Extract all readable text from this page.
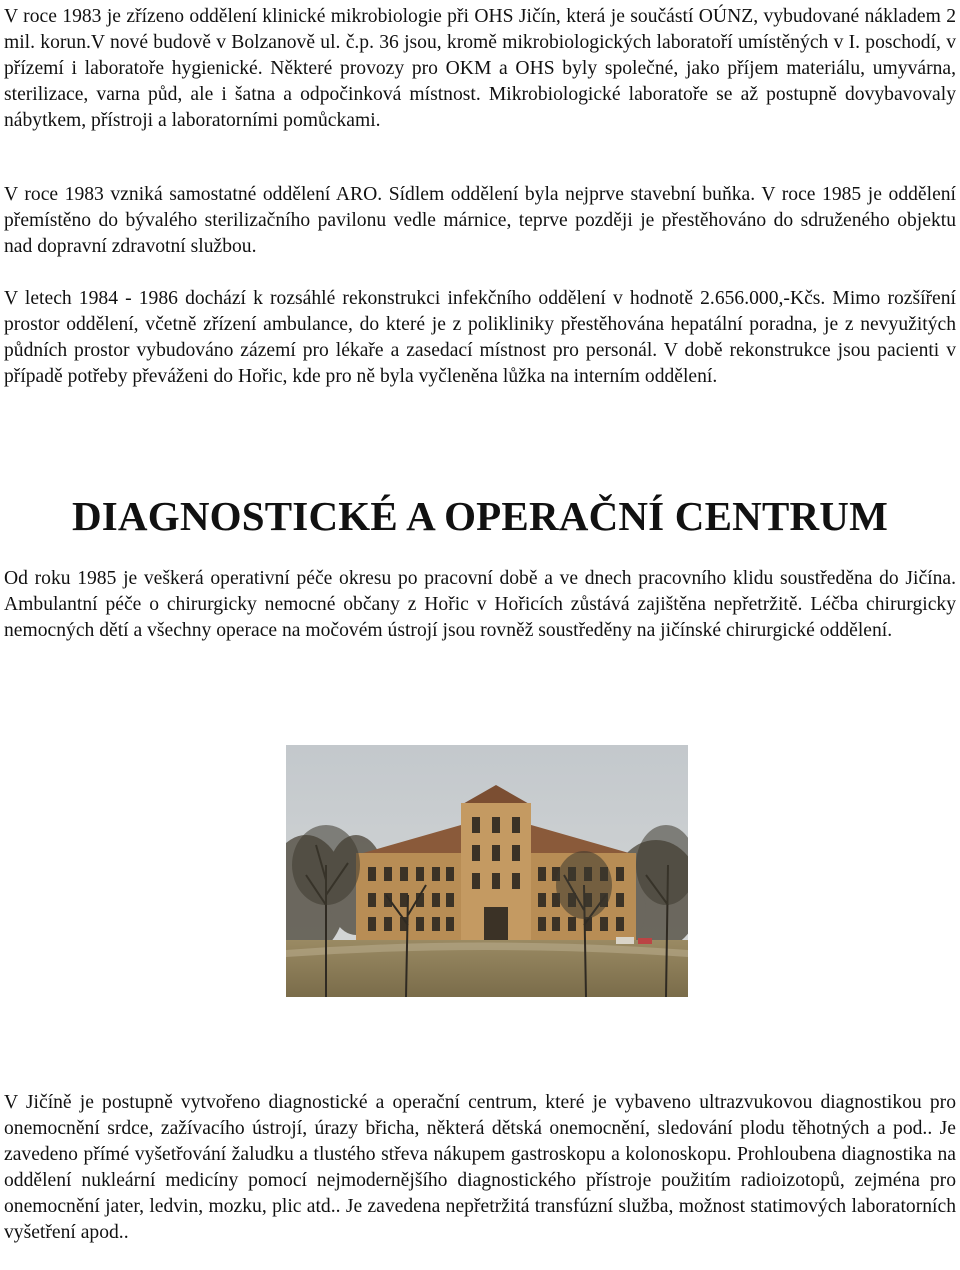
V roce 1983 je zřízeno oddělení klinické mikrobiologie při OHS Jičín, která je součástí OÚNZ, vybudované nákladem 2 mil. korun.V nové budově v Bolzanově ul. č.p. 36 jsou, kromě mikrobiologických laboratoří umístěných v I. poschodí, v přízemí i laboratoře hygienické. Některé provozy pro OKM a OHS byly společné, jako příjem materiálu, umyvárna, sterilizace, varna půd, ale i šatna a odpočinková místnost. Mikrobiologické laboratoře se až postupně dovybavovaly nábytkem, přístroji a laboratorními pomůckami.

V roce 1983 vzniká samostatné oddělení ARO. Sídlem oddělení byla nejprve stavební buňka. V roce 1985 je oddělení přemístěno do bývalého sterilizačního pavilonu vedle márnice, teprve později je přestěhováno do sdruženého objektu nad dopravní zdravotní službou.

V letech 1984 - 1986 dochází k rozsáhlé rekonstrukci infekčního oddělení v hodnotě 2.656.000,-Kčs. Mimo rozšíření prostor oddělení, včetně zřízení ambulance, do které je z polikliniky přestěhována hepatální poradna, je z nevyužitých půdních prostor vybudováno zázemí pro lékaře a zasedací místnost pro personál. V době rekonstrukce jsou pacienti v případě potřeby převáženi do Hořic, kde pro ně byla vyčleněna lůžka na interním oddělení.

DIAGNOSTICKÉ A OPERAČNÍ CENTRUM

Od roku 1985 je veškerá operativní péče okresu po pracovní době a ve dnech pracovního klidu soustředěna do Jičína. Ambulantní péče o chirurgicky nemocné občany z Hořic v Hořicích zůstává zajištěna nepřetržitě. Léčba chirurgicky nemocných dětí a všechny operace na močovém ústrojí jsou rovněž soustředěny na jičínské chirurgické oddělení.

V Jičíně je postupně vytvořeno diagnostické a operační centrum, které je vybaveno ultrazvukovou diagnostikou pro onemocnění srdce, zažívacího ústrojí, úrazy břicha, některá dětská onemocnění, sledování plodu těhotných a pod.. Je zavedeno přímé vyšetřování žaludku a tlustého střeva nákupem gastroskopu a kolonoskopu. Prohloubena diagnostika na oddělení nukleární medicíny pomocí nejmodernějšího diagnostického přístroje použitím radioizotopů, zejména pro onemocnění jater, ledvin, mozku, plic atd.. Je zavedena nepřetržitá transfúzní služba, možnost statimových laboratorních vyšetření apod..
